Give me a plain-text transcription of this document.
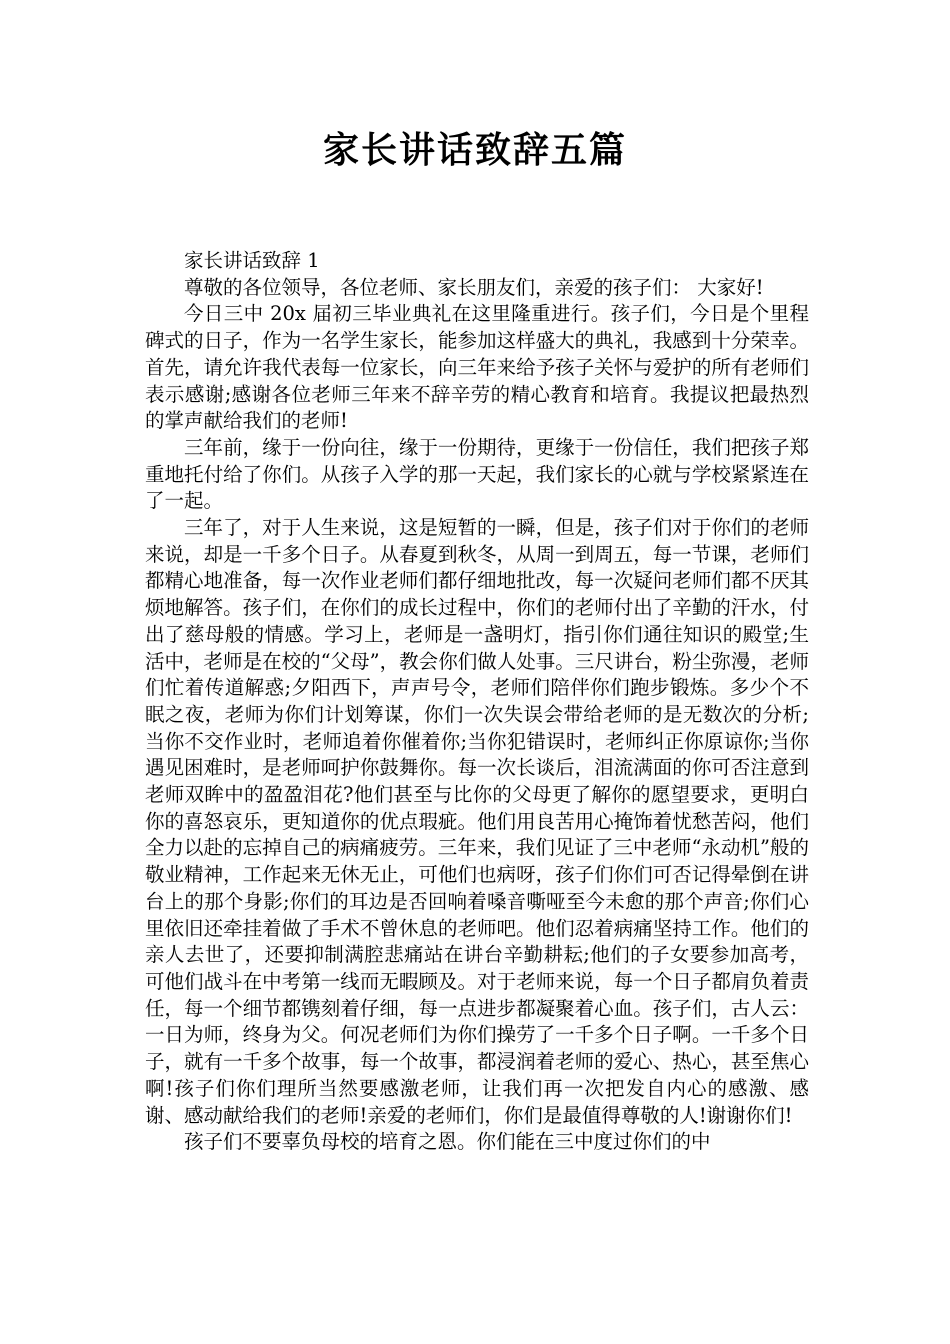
家长讲话致辞五篇

家长讲话致辞 1

尊敬的各位领导，各位老师、家长朋友们，亲爱的孩子们： 大家好!

今日三中 20x 届初三毕业典礼在这里隆重进行。孩子们，今日是个里程碑式的日子，作为一名学生家长，能参加这样盛大的典礼，我感到十分荣幸。首先，请允许我代表每一位家长，向三年来给予孩子关怀与爱护的所有老师们表示感谢;感谢各位老师三年来不辞辛劳的精心教育和培育。我提议把最热烈的掌声献给我们的老师!

三年前，缘于一份向往，缘于一份期待，更缘于一份信任，我们把孩子郑重地托付给了你们。从孩子入学的那一天起，我们家长的心就与学校紧紧连在了一起。

三年了，对于人生来说，这是短暂的一瞬，但是，孩子们对于你们的老师来说，却是一千多个日子。从春夏到秋冬，从周一到周五，每一节课，老师们都精心地准备，每一次作业老师们都仔细地批改，每一次疑问老师们都不厌其烦地解答。孩子们，在你们的成长过程中，你们的老师付出了辛勤的汗水，付出了慈母般的情感。学习上，老师是一盏明灯，指引你们通往知识的殿堂;生活中，老师是在校的“父母”，教会你们做人处事。三尺讲台，粉尘弥漫，老师们忙着传道解惑;夕阳西下，声声号令，老师们陪伴你们跑步锻炼。多少个不眠之夜，老师为你们计划筹谋，你们一次失误会带给老师的是无数次的分析;当你不交作业时，老师追着你催着你;当你犯错误时，老师纠正你原谅你;当你遇见困难时，是老师呵护你鼓舞你。每一次长谈后，泪流满面的你可否注意到老师双眸中的盈盈泪花?他们甚至与比你的父母更了解你的愿望要求，更明白你的喜怒哀乐，更知道你的优点瑕疵。他们用良苦用心掩饰着忧愁苦闷，他们全力以赴的忘掉自己的病痛疲劳。三年来，我们见证了三中老师“永动机”般的敬业精神，工作起来无休无止，可他们也病呀，孩子们你们可否记得晕倒在讲台上的那个身影;你们的耳边是否回响着嗓音嘶哑至今未愈的那个声音;你们心里依旧还牵挂着做了手术不曾休息的老师吧。他们忍着病痛坚持工作。他们的亲人去世了，还要抑制满腔悲痛站在讲台辛勤耕耘;他们的子女要参加高考，可他们战斗在中考第一线而无暇顾及。对于老师来说，每一个日子都肩负着责任，每一个细节都镌刻着仔细，每一点进步都凝聚着心血。孩子们，古人云：一日为师，终身为父。何况老师们为你们操劳了一千多个日子啊。一千多个日子，就有一千多个故事，每一个故事，都浸润着老师的爱心、热心，甚至焦心啊!孩子们你们理所当然要感激老师，让我们再一次把发自内心的感激、感谢、感动献给我们的老师!亲爱的老师们，你们是最值得尊敬的人!谢谢你们!

孩子们不要辜负母校的培育之恩。你们能在三中度过你们的中
